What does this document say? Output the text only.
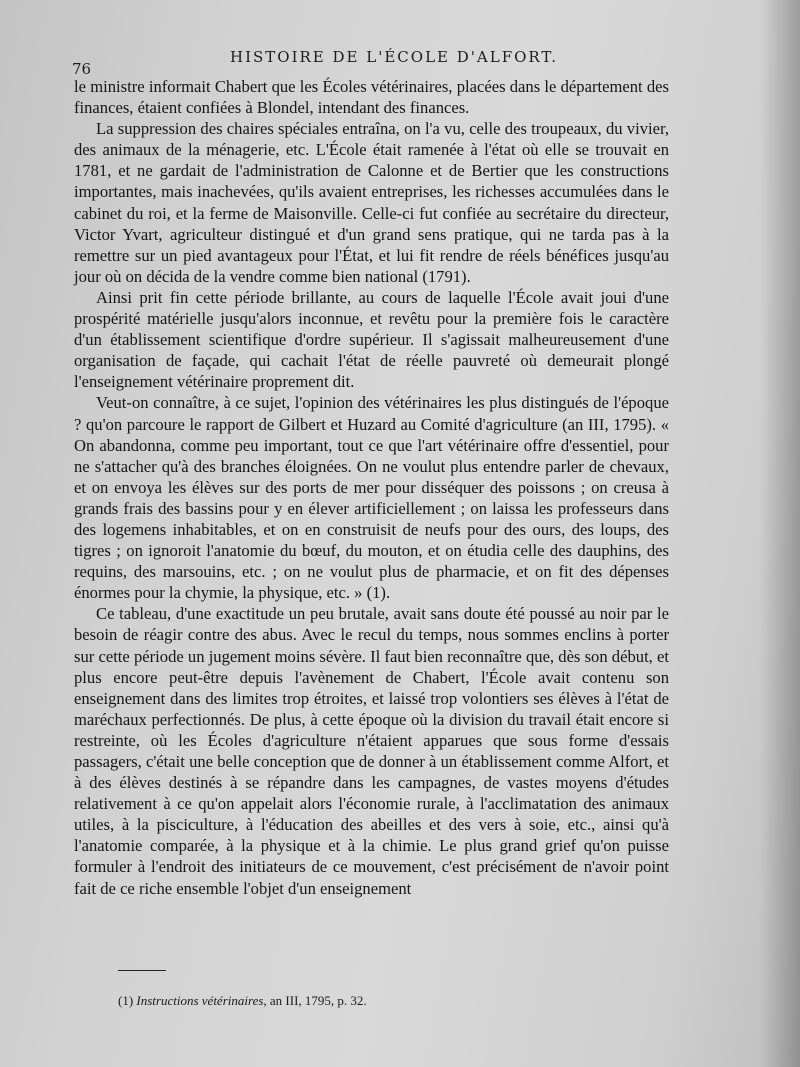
76
HISTOIRE DE L'ÉCOLE D'ALFORT.

le ministre informait Chabert que les Écoles vétérinaires, placées dans le département des finances, étaient confiées à Blondel, intendant des finances.

La suppression des chaires spéciales entraîna, on l'a vu, celle des troupeaux, du vivier, des animaux de la ménagerie, etc. L'École était ramenée à l'état où elle se trouvait en 1781, et ne gardait de l'administration de Calonne et de Bertier que les constructions importantes, mais inachevées, qu'ils avaient entreprises, les richesses accumulées dans le cabinet du roi, et la ferme de Maisonville. Celle-ci fut confiée au secrétaire du directeur, Victor Yvart, agriculteur distingué et d'un grand sens pratique, qui ne tarda pas à la remettre sur un pied avantageux pour l'État, et lui fit rendre de réels bénéfices jusqu'au jour où on décida de la vendre comme bien national (1791).

Ainsi prit fin cette période brillante, au cours de laquelle l'École avait joui d'une prospérité matérielle jusqu'alors inconnue, et revêtu pour la première fois le caractère d'un établissement scientifique d'ordre supérieur. Il s'agissait malheureusement d'une organisation de façade, qui cachait l'état de réelle pauvreté où demeurait plongé l'enseignement vétérinaire proprement dit.

Veut-on connaître, à ce sujet, l'opinion des vétérinaires les plus distingués de l'époque ? qu'on parcoure le rapport de Gilbert et Huzard au Comité d'agriculture (an III, 1795). « On abandonna, comme peu important, tout ce que l'art vétérinaire offre d'essentiel, pour ne s'attacher qu'à des branches éloignées. On ne voulut plus entendre parler de chevaux, et on envoya les élèves sur des ports de mer pour disséquer des poissons ; on creusa à grands frais des bassins pour y en élever artificiellement ; on laissa les professeurs dans des logemens inhabitables, et on en construisit de neufs pour des ours, des loups, des tigres ; on ignoroit l'anatomie du bœuf, du mouton, et on étudia celle des dauphins, des requins, des marsouins, etc. ; on ne voulut plus de pharmacie, et on fit des dépenses énormes pour la chymie, la physique, etc. » (1).

Ce tableau, d'une exactitude un peu brutale, avait sans doute été poussé au noir par le besoin de réagir contre des abus. Avec le recul du temps, nous sommes enclins à porter sur cette période un jugement moins sévère. Il faut bien reconnaître que, dès son début, et plus encore peut-être depuis l'avènement de Chabert, l'École avait contenu son enseignement dans des limites trop étroites, et laissé trop volontiers ses élèves à l'état de maréchaux perfectionnés. De plus, à cette époque où la division du travail était encore si restreinte, où les Écoles d'agriculture n'étaient apparues que sous forme d'essais passagers, c'était une belle conception que de donner à un établissement comme Alfort, et à des élèves destinés à se répandre dans les campagnes, de vastes moyens d'études relativement à ce qu'on appelait alors l'économie rurale, à l'acclimatation des animaux utiles, à la pisciculture, à l'éducation des abeilles et des vers à soie, etc., ainsi qu'à l'anatomie comparée, à la physique et à la chimie. Le plus grand grief qu'on puisse formuler à l'endroit des initiateurs de ce mouvement, c'est précisément de n'avoir point fait de ce riche ensemble l'objet d'un enseignement

(1) Instructions vétérinaires, an III, 1795, p. 32.
